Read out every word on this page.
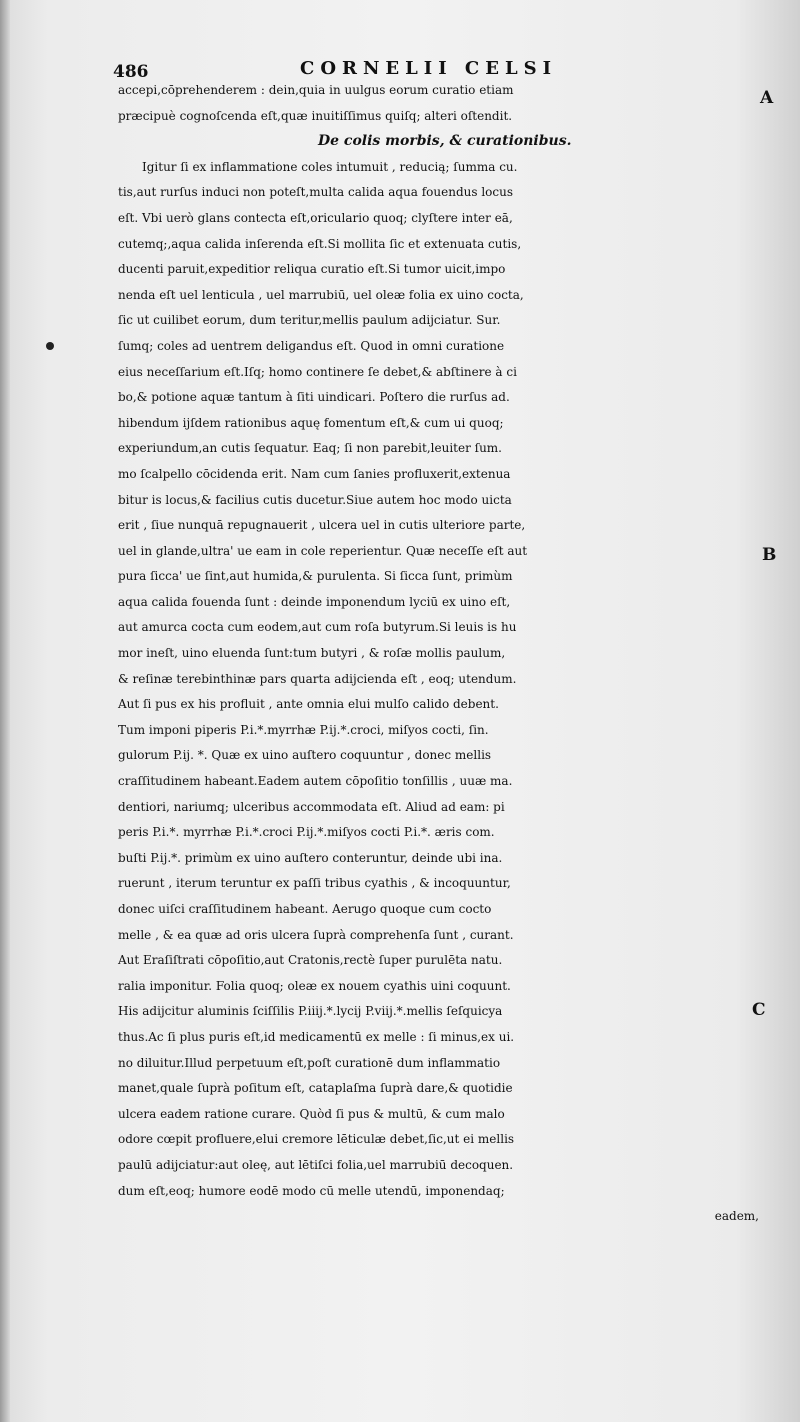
486	CORNELII CELSI
A
B
C
accepi,cōprehenderem : dein,quia in uulgus eorum curatio etiam
præcipuè cognoſcenda eſt,quæ inuitiſſimus quiſq; alteri oſtendit.
De colis morbis, & curationibus.
Igitur ſi ex inflammatione coles intumuit , reducią; ſumma cu.
tis,aut rurſus induci non poteſt,multa calida aqua fouendus locus
eſt. Vbi uerò glans contecta eſt,oriculario quoq; clyſtere inter eā,
cutemq;,aqua calida inſerenda eſt.Si mollita ſic et extenuata cutis,
ducenti paruit,expeditior reliqua curatio eſt.Si tumor uicit,impo
nenda eſt uel lenticula , uel marrubiū, uel oleæ folia ex uino cocta,
ſic ut cuilibet eorum, dum teritur,mellis paulum adijciatur. Sur.
ſumq; coles ad uentrem deligandus eſt. Quod in omni curatione
eius neceſſarium eſt.Iſq; homo continere ſe debet,& abſtinere à ci
bo,& potione aquæ tantum à ſiti uindicari. Poſtero die rurſus ad.
hibendum ijſdem rationibus aquę fomentum eſt,& cum ui quoq;
experiundum,an cutis ſequatur. Eaq; ſi non parebit,leuiter ſum.
mo ſcalpello cōcidenda erit. Nam cum ſanies profluxerit,extenua
bitur is locus,& facilius cutis ducetur.Siue autem hoc modo uicta
erit , ſiue nunquā repugnauerit , ulcera uel in cutis ulteriore parte,
uel in glande,ultra' ue eam in cole reperientur. Quæ neceſſe eſt aut
pura ſicca' ue ſint,aut humida,& purulenta. Si ſicca ſunt, primùm
aqua calida fouenda ſunt : deinde imponendum lyciū ex uino eſt,
aut amurca cocta cum eodem,aut cum roſa butyrum.Si leuis is hu
mor ineſt, uino eluenda ſunt:tum butyri , & roſæ mollis paulum,
& reſinæ terebinthinæ pars quarta adijcienda eſt , eoq; utendum.
Aut ſi pus ex his profluit , ante omnia elui mulſo calido debent.
Tum imponi piperis P.i.*.myrrhæ P.ij.*.croci, miſyos cocti, ſin.
gulorum P.ij. *. Quæ ex uino auſtero coquuntur , donec mellis
craſſitudinem habeant.Eadem autem cōpoſitio tonſillis , uuæ ma.
dentiori, nariumq; ulceribus accommodata eſt. Aliud ad eam: pi
peris P.i.*. myrrhæ P.i.*.croci P.ij.*.miſyos cocti P.i.*. æris com.
buſti P.ij.*. primùm ex uino auſtero conteruntur, deinde ubi ina.
ruerunt , iterum teruntur ex paſſi tribus cyathis , & incoquuntur,
donec uiſci craſſitudinem habeant. Aerugo quoque cum cocto
melle , & ea quæ ad oris ulcera ſuprà comprehenſa ſunt , curant.
Aut Eraſiſtrati cōpoſitio,aut Cratonis,rectè ſuper purulēta natu.
ralia imponitur. Folia quoq; oleæ ex nouem cyathis uini coquunt.
His adijcitur aluminis ſciſſilis P.iiij.*.lycij P.viij.*.mellis ſeſquicya
thus.Ac ſi plus puris eſt,id medicamentū ex melle : ſi minus,ex ui.
no diluitur.Illud perpetuum eſt,poſt curationē dum inflammatio
manet,quale ſuprà poſitum eſt, cataplaſma ſuprà dare,& quotidie
ulcera eadem ratione curare. Quòd ſi pus & multū, & cum malo
odore cœpit profluere,elui cremore lēticulæ debet,ſic,ut ei mellis
paulū adijciatur:aut oleę, aut lētiſci folia,uel marrubiū decoquen.
dum eſt,eoq; humore eodē modo cū melle utendū, imponendaq;
eadem,
